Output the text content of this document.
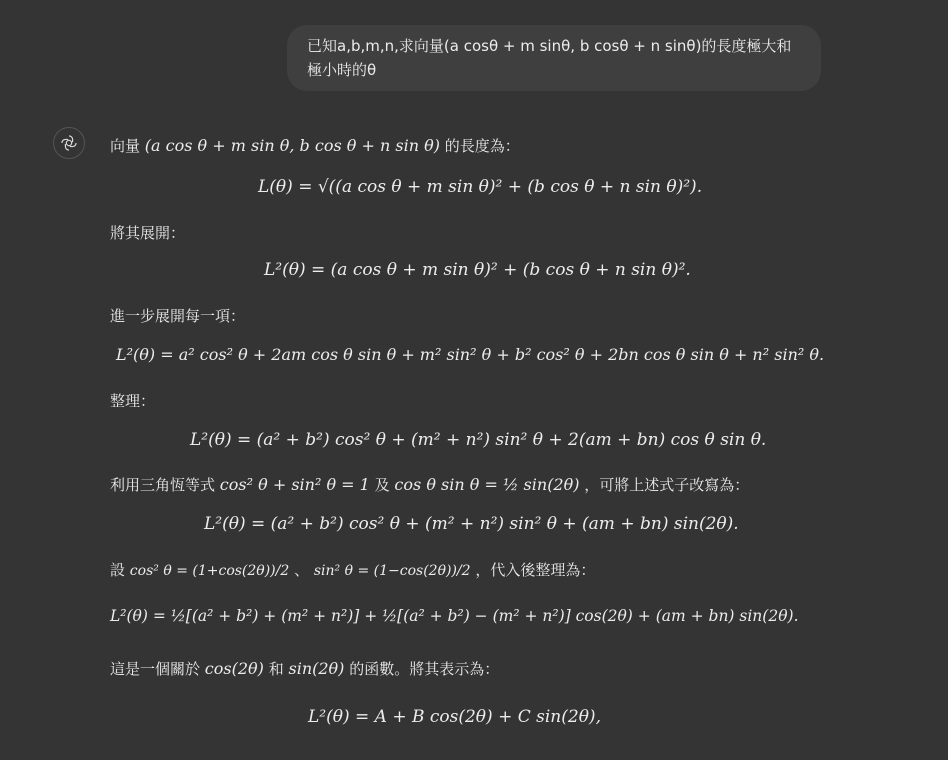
已知a,b,m,n,求向量(a cosθ + m sinθ, b cosθ + n sinθ)的長度極大和
極小時的θ
向量 (a cos θ + m sin θ, b cos θ + n sin θ) 的長度為：
L(θ) = √((a cos θ + m sin θ)² + (b cos θ + n sin θ)²).
將其展開：
L²(θ) = (a cos θ + m sin θ)² + (b cos θ + n sin θ)².
進一步展開每一項：
L²(θ) = a² cos² θ + 2am cos θ sin θ + m² sin² θ + b² cos² θ + 2bn cos θ sin θ + n² sin² θ.
整理：
L²(θ) = (a² + b²) cos² θ + (m² + n²) sin² θ + 2(am + bn) cos θ sin θ.
利用三角恆等式 cos² θ + sin² θ = 1 及 cos θ sin θ = ½ sin(2θ) ，可將上述式子改寫為：
L²(θ) = (a² + b²) cos² θ + (m² + n²) sin² θ + (am + bn) sin(2θ).
設 cos² θ = (1+cos(2θ))/2 、 sin² θ = (1−cos(2θ))/2 ，代入後整理為：
L²(θ) = ½[(a² + b²) + (m² + n²)] + ½[(a² + b²) − (m² + n²)] cos(2θ) + (am + bn) sin(2θ).
這是一個關於 cos(2θ) 和 sin(2θ) 的函數。將其表示為：
L²(θ) = A + B cos(2θ) + C sin(2θ),
